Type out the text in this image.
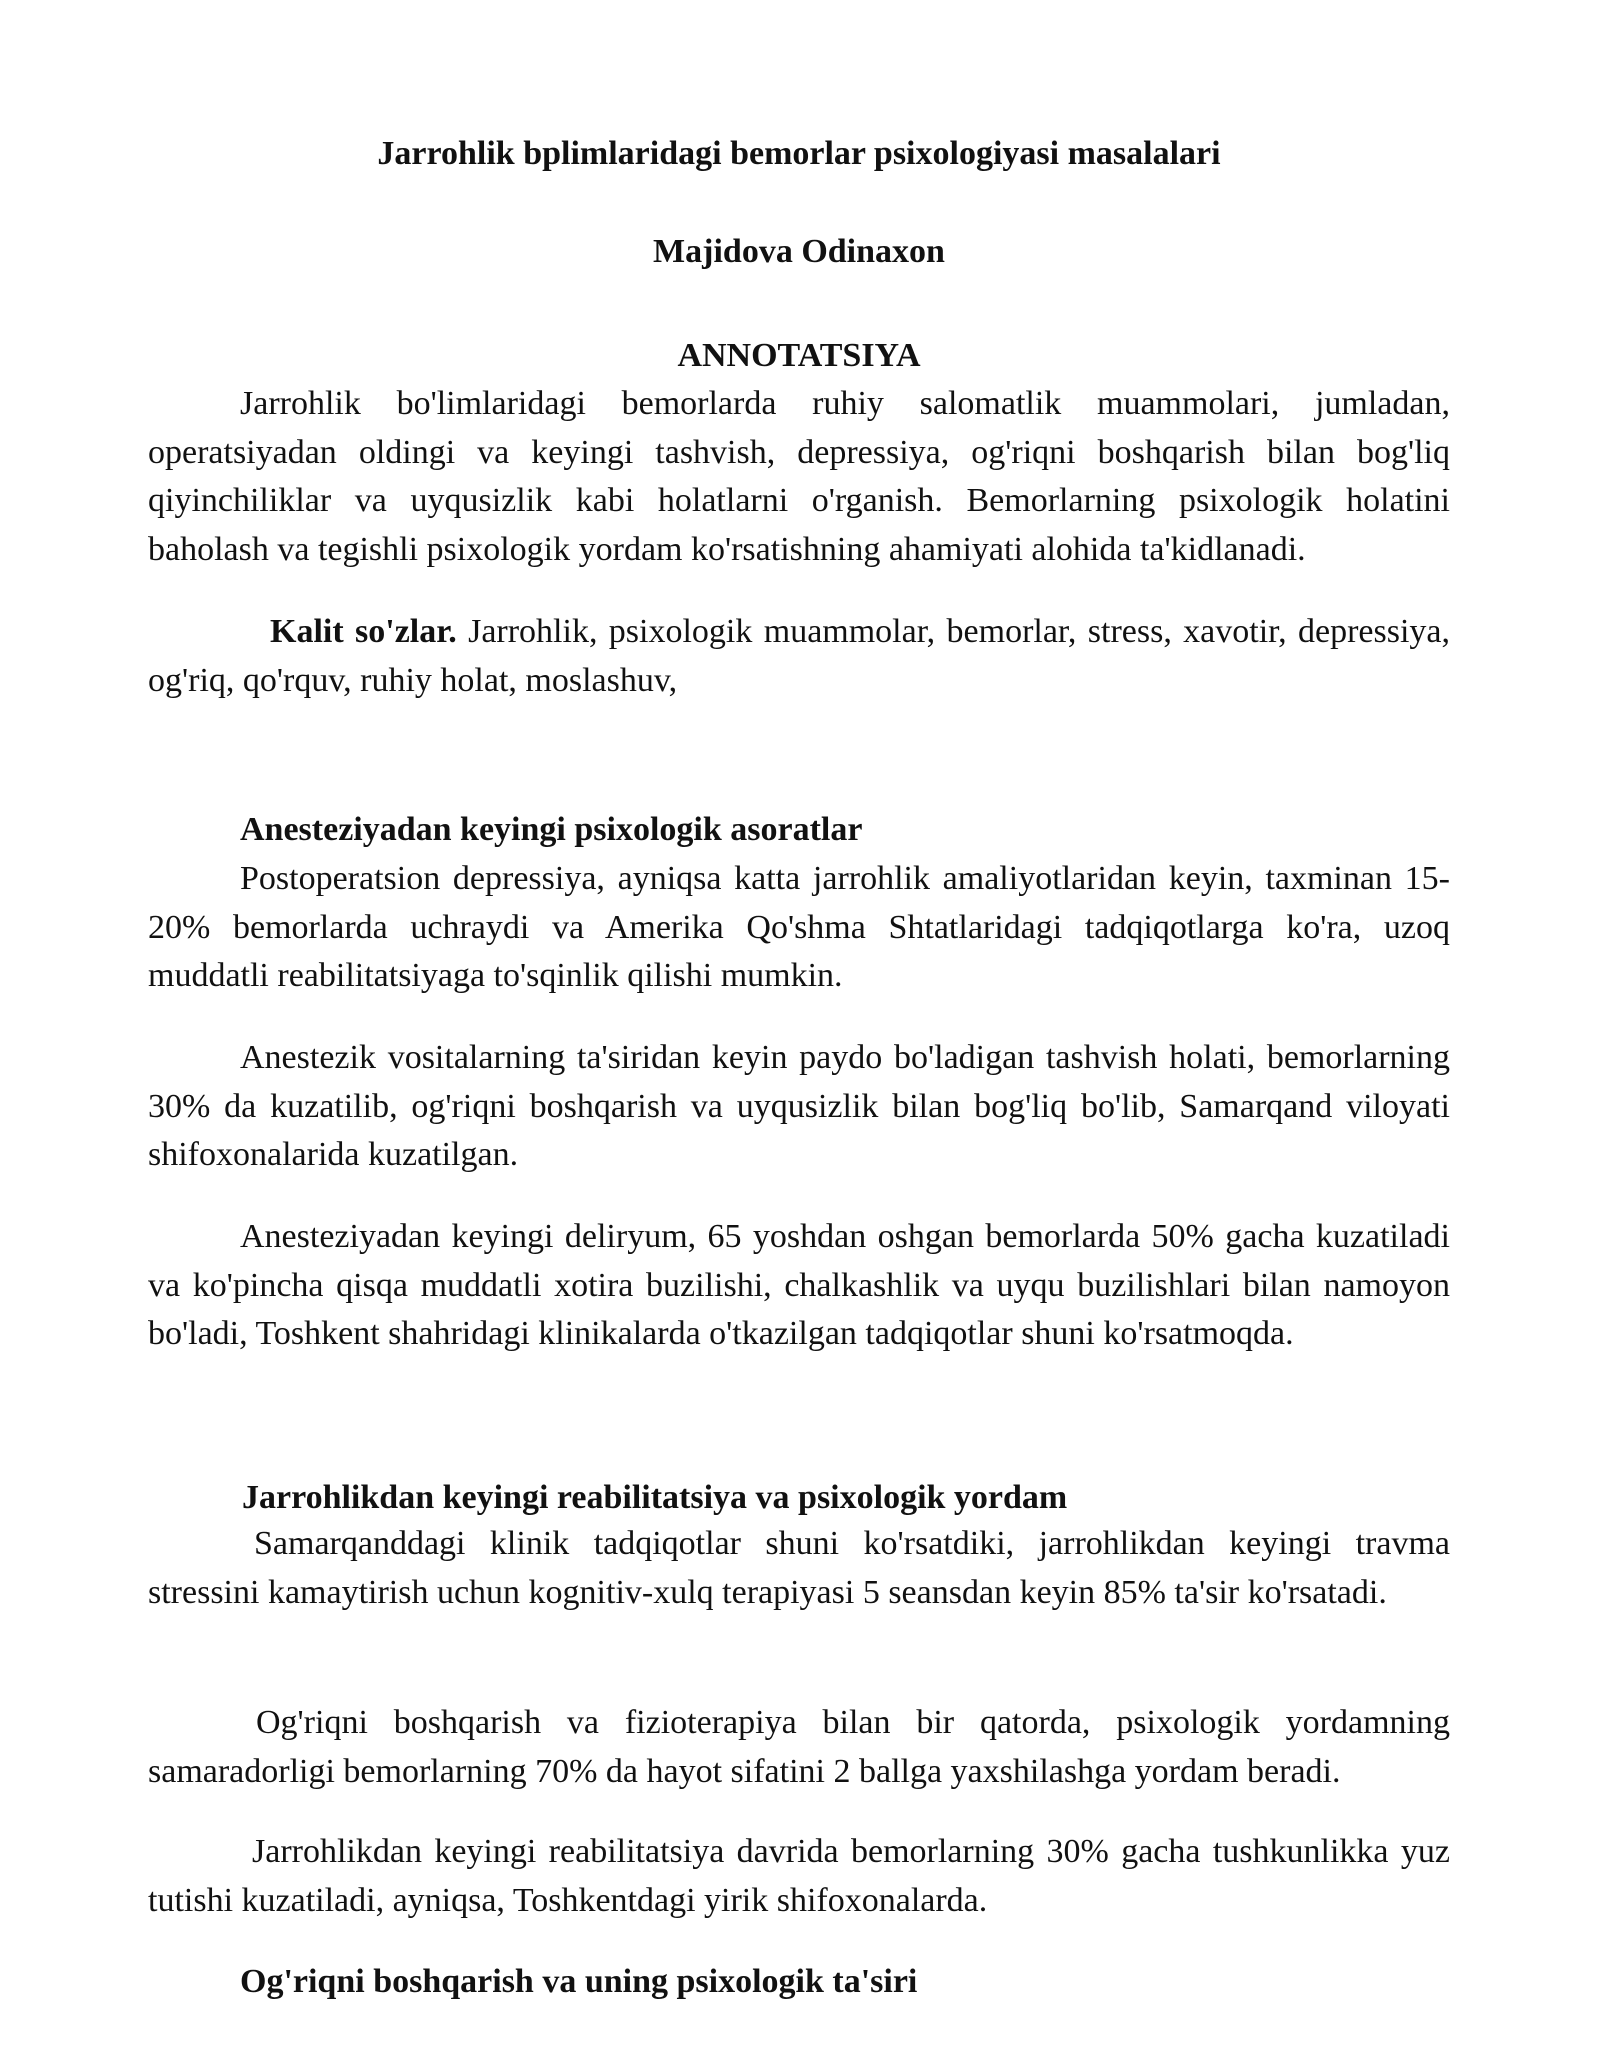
Jarrohlik bplimlaridagi bemorlar psixologiyasi masalalari

Majidova Odinaxon

ANNOTATSIYA

Jarrohlik bo'limlaridagi bemorlarda ruhiy salomatlik muammolari, jumladan, operatsiyadan oldingi va keyingi tashvish, depressiya, og'riqni boshqarish bilan bog'liq qiyinchiliklar va uyqusizlik kabi holatlarni o'rganish. Bemorlarning psixologik holatini baholash va tegishli psixologik yordam ko'rsatishning ahamiyati alohida ta'kidlanadi.

Kalit so'zlar. Jarrohlik, psixologik muammolar, bemorlar, stress, xavotir, depressiya, og'riq, qo'rquv, ruhiy holat, moslashuv,

Anesteziyadan keyingi psixologik asoratlar

Postoperatsion depressiya, ayniqsa katta jarrohlik amaliyotlaridan keyin, taxminan 15-20% bemorlarda uchraydi va Amerika Qo'shma Shtatlaridagi tadqiqotlarga ko'ra, uzoq muddatli reabilitatsiyaga to'sqinlik qilishi mumkin.

Anestezik vositalarning ta'siridan keyin paydo bo'ladigan tashvish holati, bemorlarning 30% da kuzatilib, og'riqni boshqarish va uyqusizlik bilan bog'liq bo'lib, Samarqand viloyati shifoxonalarida kuzatilgan.

Anesteziyadan keyingi deliryum, 65 yoshdan oshgan bemorlarda 50% gacha kuzatiladi va ko'pincha qisqa muddatli xotira buzilishi, chalkashlik va uyqu buzilishlari bilan namoyon bo'ladi, Toshkent shahridagi klinikalarda o'tkazilgan tadqiqotlar shuni ko'rsatmoqda.

Jarrohlikdan keyingi reabilitatsiya va psixologik yordam

Samarqanddagi klinik tadqiqotlar shuni ko'rsatdiki, jarrohlikdan keyingi travma stressini kamaytirish uchun kognitiv-xulq terapiyasi 5 seansdan keyin 85% ta'sir ko'rsatadi.

Og'riqni boshqarish va fizioterapiya bilan bir qatorda, psixologik yordamning samaradorligi bemorlarning 70% da hayot sifatini 2 ballga yaxshilashga yordam beradi.

Jarrohlikdan keyingi reabilitatsiya davrida bemorlarning 30% gacha tushkunlikka yuz tutishi kuzatiladi, ayniqsa, Toshkentdagi yirik shifoxonalarda.

Og'riqni boshqarish va uning psixologik ta'siri
